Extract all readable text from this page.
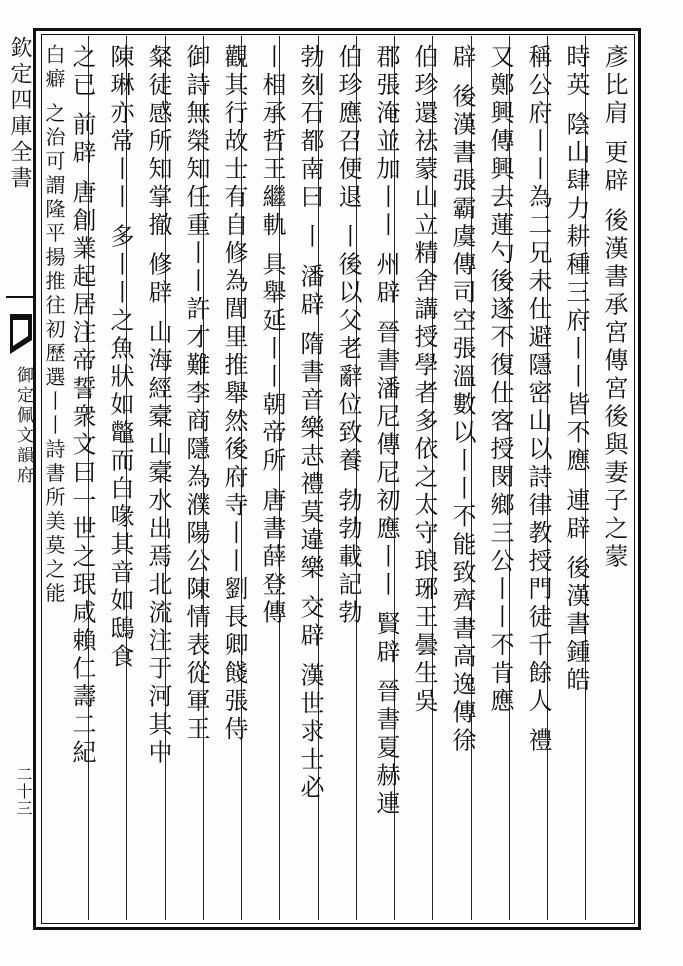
欽定四庫全書
御定佩文韻府
二十三
彥比肩 更辟 後漢書承宮傳宮後與妻子之蒙
時英 陰山肆力耕種三府丨丨皆不應 連辟 後漢書鍾皓
稱公府丨丨為二兄未仕避隱密山以詩律教授門徒千餘人 禮
又鄭興傳興去蓮勺後遂不復仕客授閔鄉三公丨丨不肯應
辟 後漢書張霸虞傳司空張溫數以丨丨不能致齊書高逸傳徐
伯珍還祛蒙山立精舍講授學者多依之太守琅琊王曇生吳
郡張淹並加丨丨 州辟 晉書潘尼傳尼初應丨丨 賢辟 晉書夏赫連
伯珍應召便退 丨後以父老辭位致養 勃勃載記勃
勃刻石都南曰 丨 潘辟 隋書音樂志禮莫違樂 交辟 漢世求士必
丨相承哲王繼軌 具舉延丨丨朝帝所 唐書薛登傳
觀其行故士有自修為閭里推舉然後府寺丨丨劉長卿餞張侍
御詩無榮知任重丨丨許才難李商隱為濮陽公陳情表從軍王
粲徒感所知掌撤 修辟 山海經槖山槖水出焉北流注于河其中
陳琳亦常丨丨 多丨丨之魚狀如鼈而白喙其音如鴟食
之已 前辟 唐創業起居注帝誓衆文曰一世之珉咸賴仁壽二紀
白癖 之治可謂隆平揚推往初歷選丨丨詩書所美莫之能
